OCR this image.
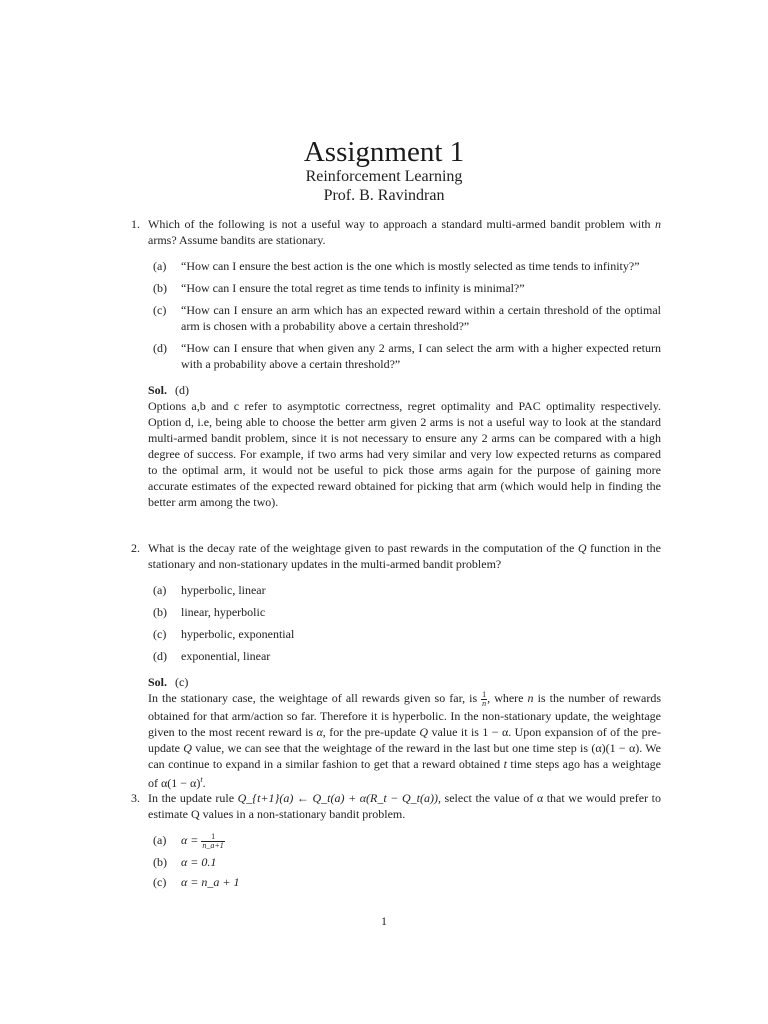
Assignment 1
Reinforcement Learning
Prof. B. Ravindran
1. Which of the following is not a useful way to approach a standard multi-armed bandit problem with n arms? Assume bandits are stationary.
(a) “How can I ensure the best action is the one which is mostly selected as time tends to infinity?”
(b) “How can I ensure the total regret as time tends to infinity is minimal?”
(c) “How can I ensure an arm which has an expected reward within a certain threshold of the optimal arm is chosen with a probability above a certain threshold?”
(d) “How can I ensure that when given any 2 arms, I can select the arm with a higher expected return with a probability above a certain threshold?”
Sol. (d)
Options a,b and c refer to asymptotic correctness, regret optimality and PAC optimality respectively. Option d, i.e, being able to choose the better arm given 2 arms is not a useful way to look at the standard multi-armed bandit problem, since it is not necessary to ensure any 2 arms can be compared with a high degree of success. For example, if two arms had very similar and very low expected returns as compared to the optimal arm, it would not be useful to pick those arms again for the purpose of gaining more accurate estimates of the expected reward obtained for picking that arm (which would help in finding the better arm among the two).
2. What is the decay rate of the weightage given to past rewards in the computation of the Q function in the stationary and non-stationary updates in the multi-armed bandit problem?
(a) hyperbolic, linear
(b) linear, hyperbolic
(c) hyperbolic, exponential
(d) exponential, linear
Sol. (c)
In the stationary case, the weightage of all rewards given so far, is $\frac{1}{n}$ , where n is the number of rewards obtained for that arm/action so far. Therefore it is hyperbolic. In the non-stationary update, the weightage given to the most recent reward is α, for the pre-update Q value it is 1 − α. Upon expansion of of the pre-update Q value, we can see that the weightage of the reward in the last but one time step is (α)(1 − α). We can continue to expand in a similar fashion to get that a reward obtained t time steps ago has a weightage of $\alpha(1 - \alpha)^t$.
3. In the update rule Q_{t+1}(a) ← Q_t(a) + α(R_t − Q_t(a)), select the value of α that we would prefer to estimate Q values in a non-stationary bandit problem.
(a) $\alpha = \frac{1}{n\_a+1}$
(b) α = 0.1
(c) α = n_a + 1
1
